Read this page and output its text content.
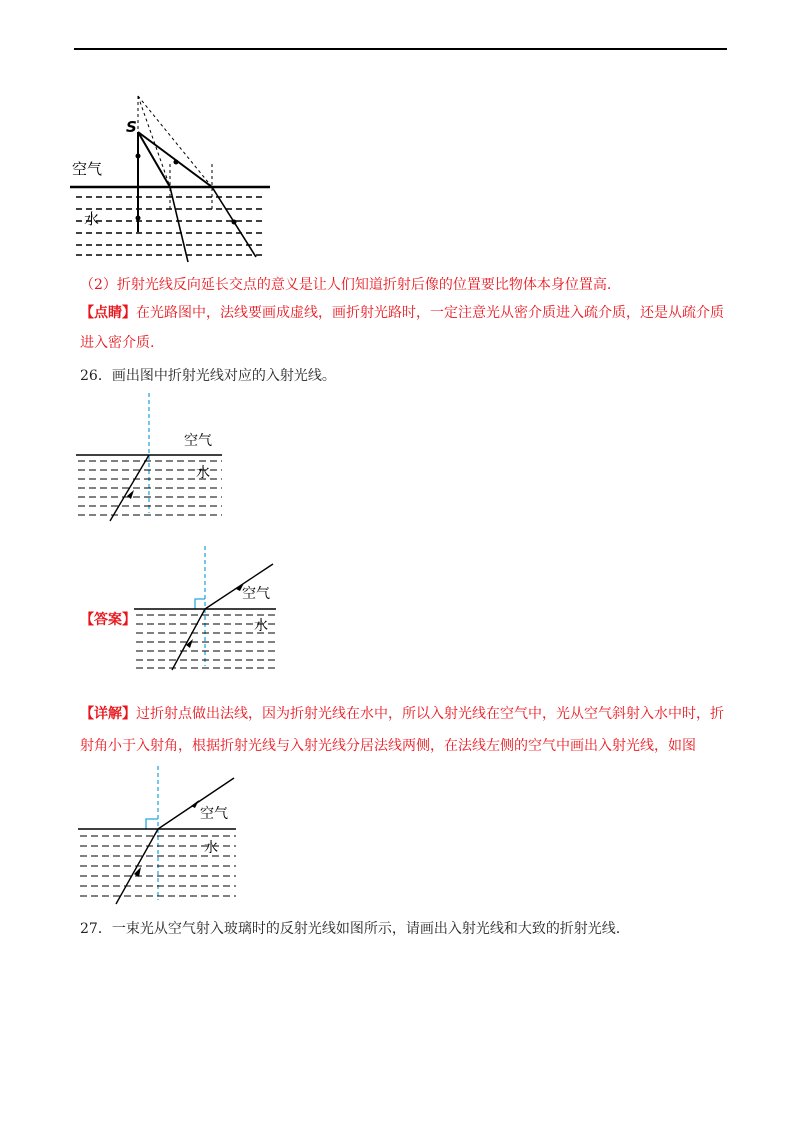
S
空气
水
（2）折射光线反向延长交点的意义是让人们知道折射后像的位置要比物体本身位置高.
【点睛】在光路图中，法线要画成虚线，画折射光路时，一定注意光从密介质进入疏介质，还是从疏介质
进入密介质.
26．画出图中折射光线对应的入射光线。
空气
水
【答案】
空气
水
【详解】过折射点做出法线，因为折射光线在水中，所以入射光线在空气中，光从空气斜射入水中时，折
射角小于入射角，根据折射光线与入射光线分居法线两侧，在法线左侧的空气中画出入射光线，如图
空气
水
27．一束光从空气射入玻璃时的反射光线如图所示，请画出入射光线和大致的折射光线.
